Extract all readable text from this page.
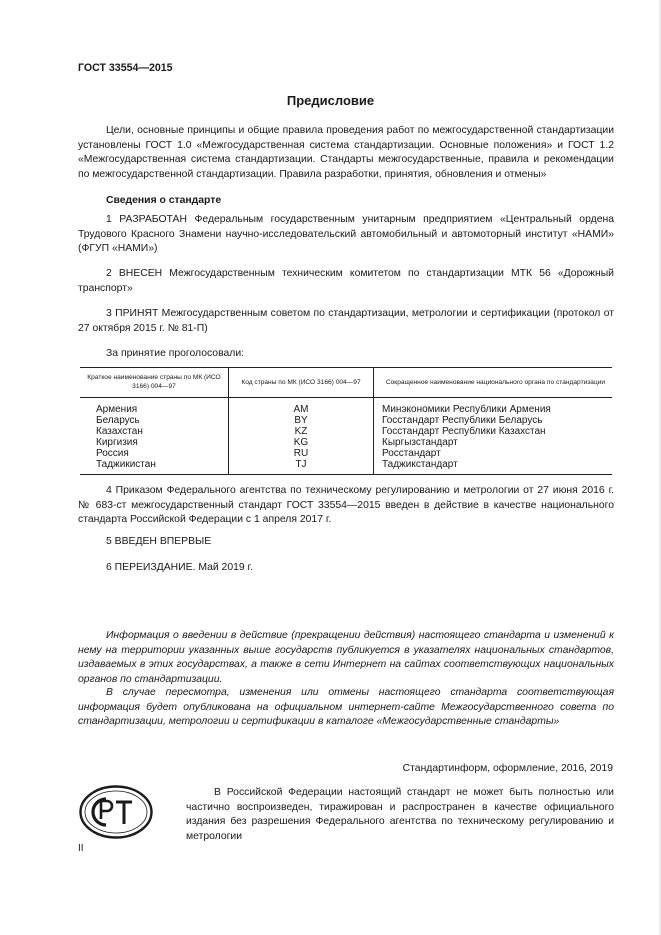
ГОСТ 33554—2015
Предисловие
Цели, основные принципы и общие правила проведения работ по межгосударственной стандартизации установлены ГОСТ 1.0 «Межгосударственная система стандартизации. Основные положения» и ГОСТ 1.2 «Межгосударственная система стандартизации. Стандарты межгосударственные, правила и рекомендации по межгосударственной стандартизации. Правила разработки, принятия, обновления и отмены»
Сведения о стандарте
1 РАЗРАБОТАН Федеральным государственным унитарным предприятием «Центральный ордена Трудового Красного Знамени научно-исследовательский автомобильный и автомоторный институт «НАМИ» (ФГУП «НАМИ»)
2 ВНЕСЕН Межгосударственным техническим комитетом по стандартизации МТК 56 «Дорожный транспорт»
3 ПРИНЯТ Межгосударственным советом по стандартизации, метрологии и сертификации (протокол от 27 октября 2015 г. № 81-П)
За принятие проголосовали:
Краткое наименование страны по МК (ИСО 3166) 004—97	Код страны по МК (ИСО 3166) 004—97	Сокращенное наименование национального органа по стандартизации
Армения	AM	Минэкономики Республики Армения
Беларусь	BY	Госстандарт Республики Беларусь
Казахстан	KZ	Госстандарт Республики Казахстан
Киргизия	KG	Кыргызстандарт
Россия	RU	Росстандарт
Таджикистан	TJ	Таджикстандарт
4 Приказом Федерального агентства по техническому регулированию и метрологии от 27 июня 2016 г. № 683-ст межгосударственный стандарт ГОСТ 33554—2015 введен в действие в качестве национального стандарта Российской Федерации с 1 апреля 2017 г.
5 ВВЕДЕН ВПЕРВЫЕ
6 ПЕРЕИЗДАНИЕ. Май 2019 г.
Информация о введении в действие (прекращении действия) настоящего стандарта и изменений к нему на территории указанных выше государств публикуется в указателях национальных стандартов, издаваемых в этих государствах, а также в сети Интернет на сайтах соответствующих национальных органов по стандартизации.
В случае пересмотра, изменения или отмены настоящего стандарта соответствующая информация будет опубликована на официальном интернет-сайте Межгосударственного совета по стандартизации, метрологии и сертификации в каталоге «Межгосударственные стандарты»
Стандартинформ, оформление, 2016, 2019
В Российской Федерации настоящий стандарт не может быть полностью или частично воспроизведен, тиражирован и распространен в качестве официального издания без разрешения Федерального агентства по техническому регулированию и метрологии
II
